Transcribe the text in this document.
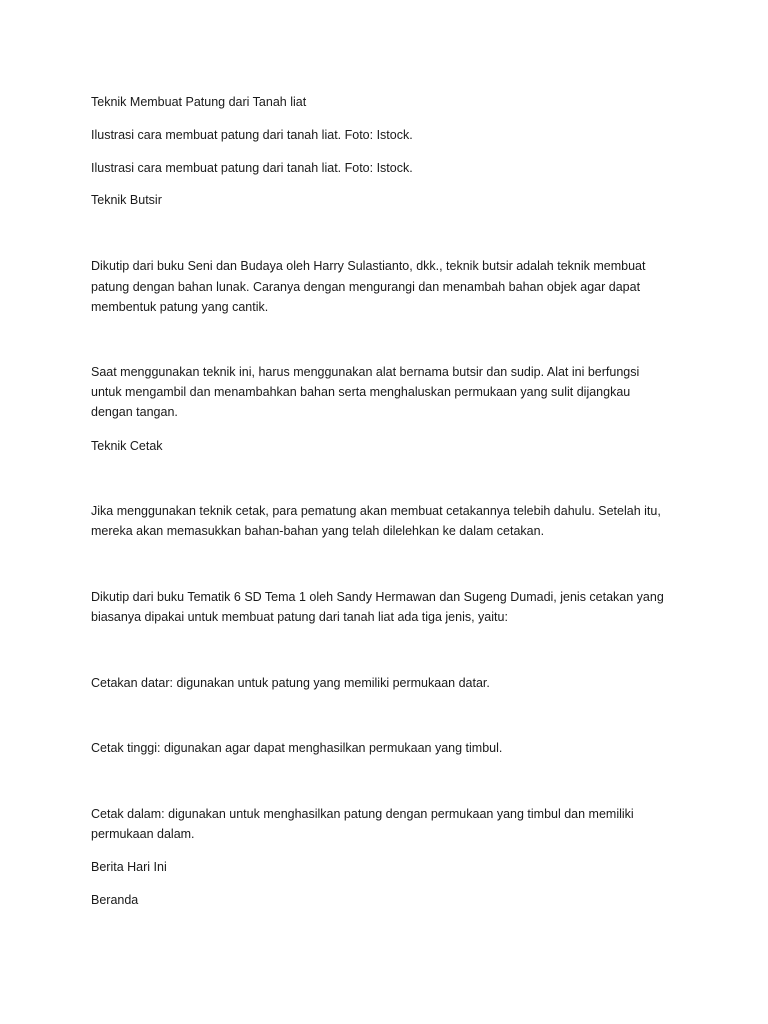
Teknik Membuat Patung dari Tanah liat

Ilustrasi cara membuat patung dari tanah liat. Foto: Istock.

Ilustrasi cara membuat patung dari tanah liat. Foto: Istock.

Teknik Butsir

Dikutip dari buku Seni dan Budaya oleh Harry Sulastianto, dkk., teknik butsir adalah teknik membuat

patung dengan bahan lunak. Caranya dengan mengurangi dan menambah bahan objek agar dapat

membentuk patung yang cantik.

Saat menggunakan teknik ini, harus menggunakan alat bernama butsir dan sudip. Alat ini berfungsi

untuk mengambil dan menambahkan bahan serta menghaluskan permukaan yang sulit dijangkau

dengan tangan.

Teknik Cetak

Jika menggunakan teknik cetak, para pematung akan membuat cetakannya telebih dahulu. Setelah itu,

mereka akan memasukkan bahan-bahan yang telah dilelehkan ke dalam cetakan.

Dikutip dari buku Tematik 6 SD Tema 1 oleh Sandy Hermawan dan Sugeng Dumadi, jenis cetakan yang

biasanya dipakai untuk membuat patung dari tanah liat ada tiga jenis, yaitu:

Cetakan datar: digunakan untuk patung yang memiliki permukaan datar.

Cetak tinggi: digunakan agar dapat menghasilkan permukaan yang timbul.

Cetak dalam: digunakan untuk menghasilkan patung dengan permukaan yang timbul dan memiliki

permukaan dalam.

Berita Hari Ini

Beranda
